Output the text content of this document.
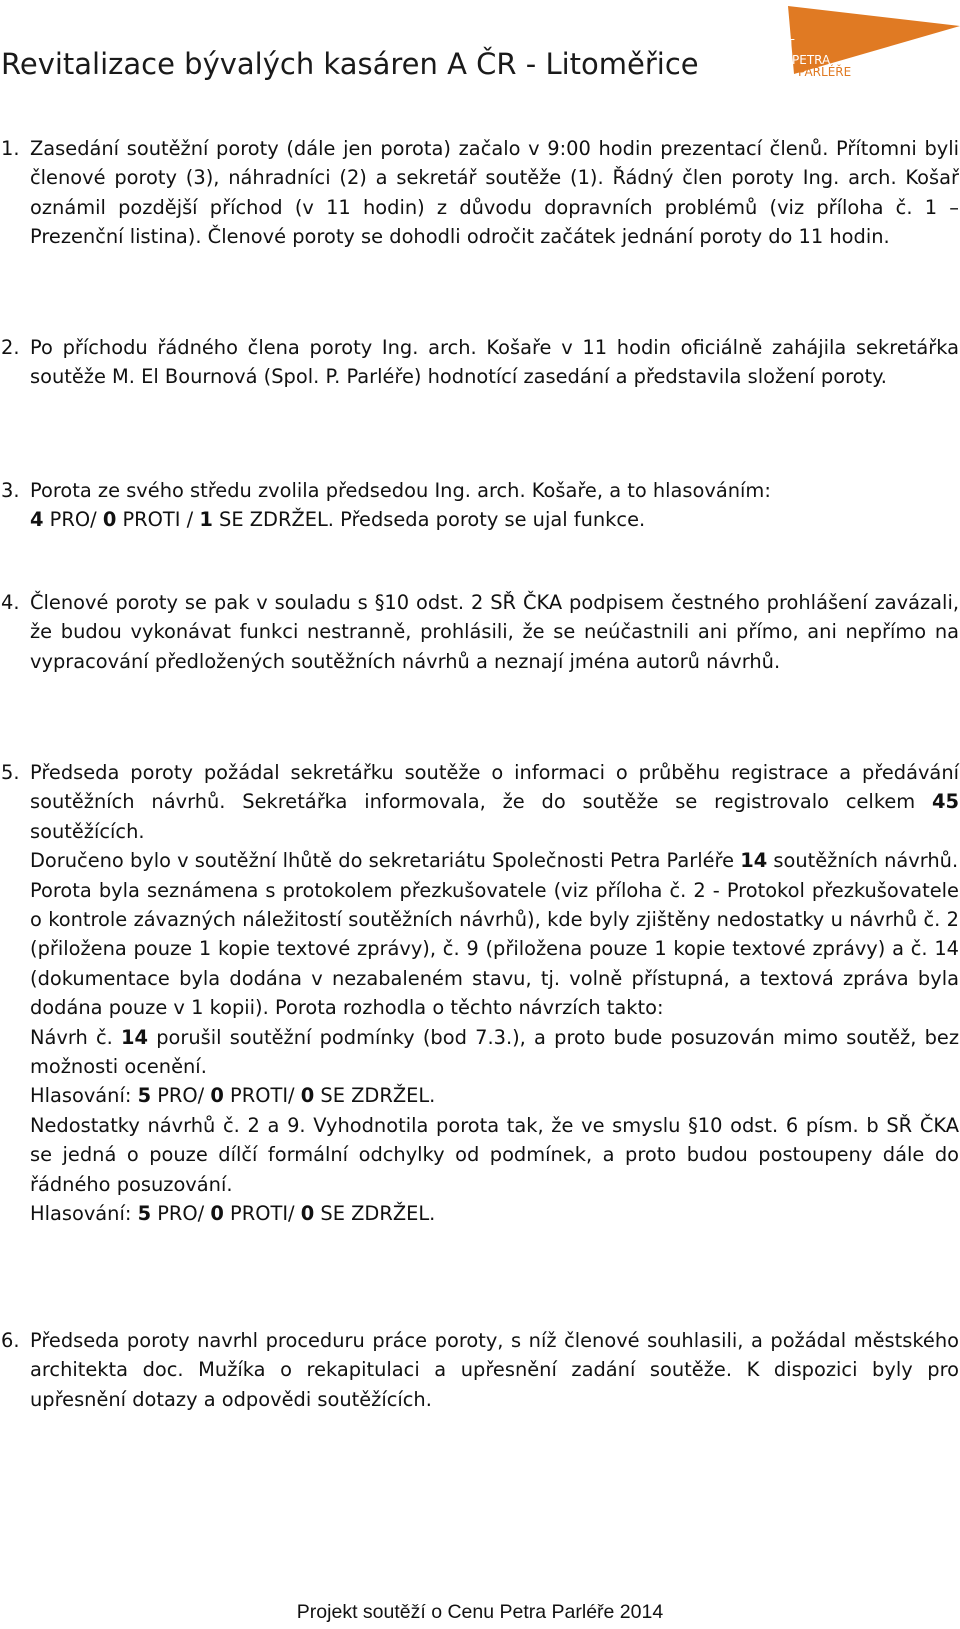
Revitalizace bývalých kasáren A ČR - Litoměřice
SPOLEČNOST
PETRA
PARLÉŘE
1. Zasedání soutěžní poroty (dále jen porota) začalo v 9:00 hodin prezentací členů. Přítomni byli členové poroty (3), náhradníci (2) a sekretář soutěže (1). Řádný člen poroty Ing. arch. Košař oznámil pozdější příchod (v 11 hodin) z důvodu dopravních problémů (viz příloha č. 1 – Prezenční listina). Členové poroty se dohodli odročit začátek jednání poroty do 11 hodin.

2. Po příchodu řádného člena poroty Ing. arch. Košaře v 11 hodin oficiálně zahájila sekretářka soutěže M. El Bournová (Spol. P. Parléře) hodnotící zasedání a představila složení poroty.

3. Porota ze svého středu zvolila předsedou Ing. arch. Košaře, a to hlasováním:

4 PRO/ 0 PROTI / 1 SE ZDRŽEL. Předseda poroty se ujal funkce.

4. Členové poroty se pak v souladu s §10 odst. 2 SŘ ČKA podpisem čestného prohlášení zavázali, že budou vykonávat funkci nestranně, prohlásili, že se neúčastnili ani přímo, ani nepřímo na vypracování předložených soutěžních návrhů a neznají jména autorů návrhů.

5. Předseda poroty požádal sekretářku soutěže o informaci o průběhu registrace a předávání soutěžních návrhů. Sekretářka informovala, že do soutěže se registrovalo celkem 45 soutěžících.

Doručeno bylo v soutěžní lhůtě do sekretariátu Společnosti Petra Parléře 14 soutěžních návrhů.

Porota byla seznámena s protokolem přezkušovatele (viz příloha č. 2 - Protokol přezkušovatele o kontrole závazných náležitostí soutěžních návrhů), kde byly zjištěny nedostatky u návrhů č. 2 (přiložena pouze 1 kopie textové zprávy), č. 9 (přiložena pouze 1 kopie textové zprávy) a č. 14 (dokumentace byla dodána v nezabaleném stavu, tj. volně přístupná, a textová zpráva byla dodána pouze v 1 kopii). Porota rozhodla o těchto návrzích takto:

Návrh č. 14 porušil soutěžní podmínky (bod 7.3.), a proto bude posuzován mimo soutěž, bez možnosti ocenění.

Hlasování: 5 PRO/ 0 PROTI/ 0 SE ZDRŽEL.

Nedostatky návrhů č. 2 a 9. Vyhodnotila porota tak, že ve smyslu §10 odst. 6 písm. b SŘ ČKA se jedná o pouze dílčí formální odchylky od podmínek, a proto budou postoupeny dále do řádného posuzování.

Hlasování: 5 PRO/ 0 PROTI/ 0 SE ZDRŽEL.

6. Předseda poroty navrhl proceduru práce poroty, s níž členové souhlasili, a požádal městského architekta doc. Mužíka o rekapitulaci a upřesnění zadání soutěže. K dispozici byly pro upřesnění dotazy a odpovědi soutěžících.

Projekt soutěží o Cenu Petra Parléře 2014
